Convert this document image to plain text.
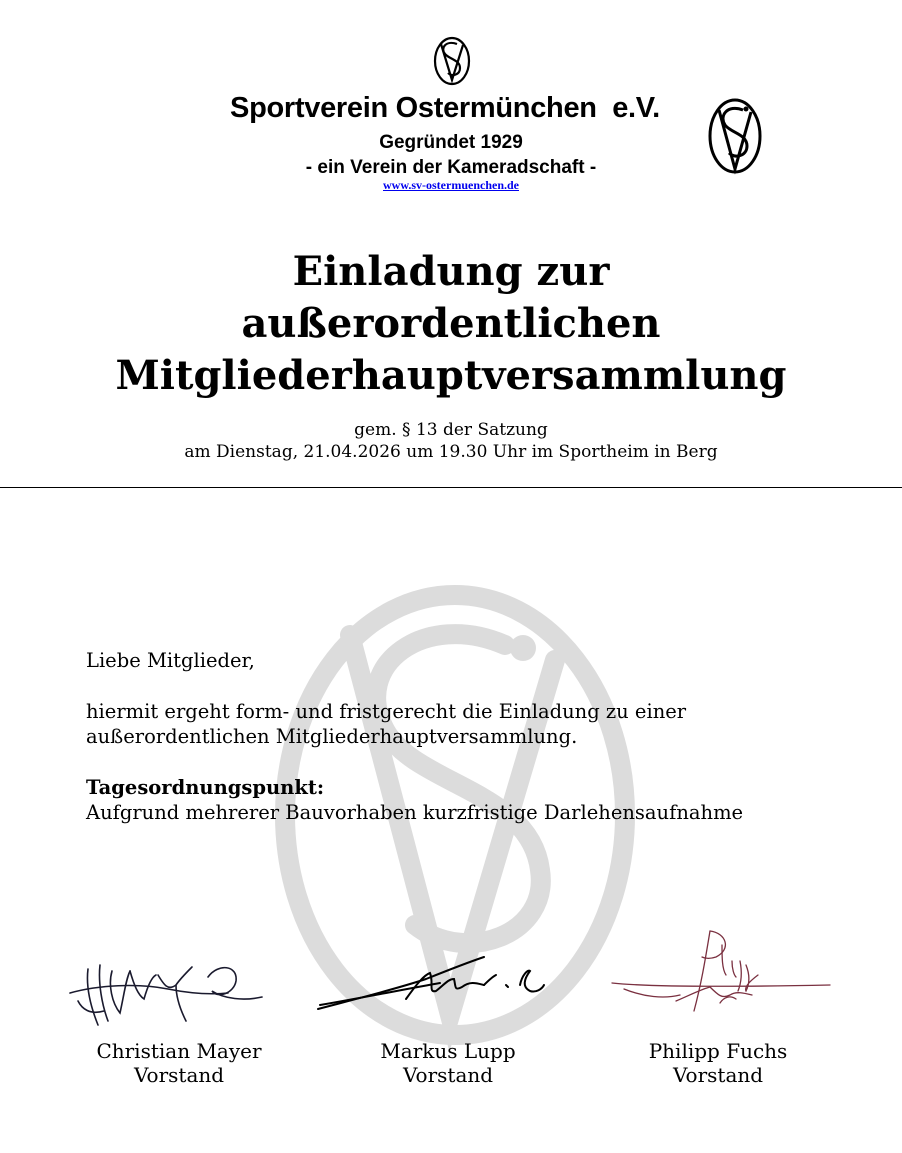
Sportverein Ostermünchen  e.V.
Gegründet 1929
- ein Verein der Kameradschaft -
www.sv-ostermuenchen.de
Einladung zur
außerordentlichen
Mitgliederhauptversammlung
gem. § 13 der Satzung
am Dienstag, 21.04.2026 um 19.30 Uhr im Sportheim in Berg
Liebe Mitglieder,
hiermit ergeht form- und fristgerecht die Einladung zu einer
außerordentlichen Mitgliederhauptversammlung.
Tagesordnungspunkt:
Aufgrund mehrerer Bauvorhaben kurzfristige Darlehensaufnahme
Christian Mayer
Vorstand
Markus Lupp
Vorstand
Philipp Fuchs
Vorstand
